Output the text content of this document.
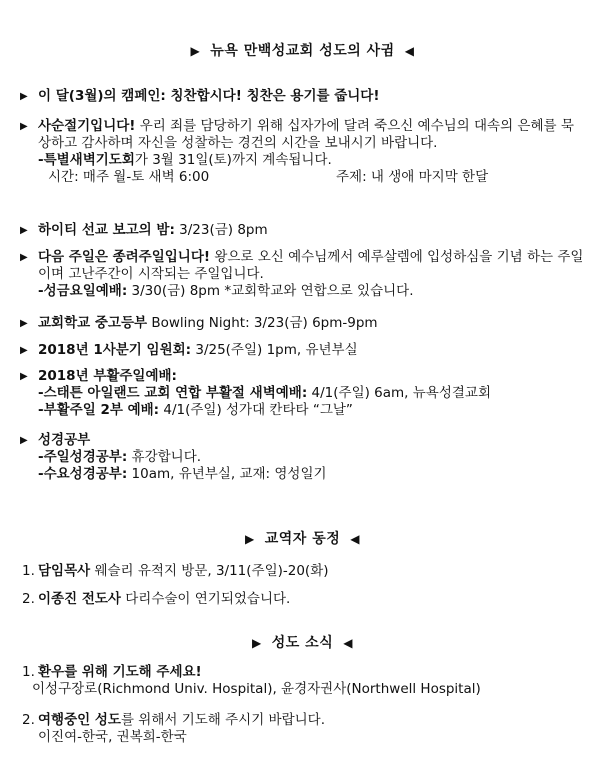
▶ 뉴욕 만백성교회 성도의 사귐 ◀
▶ 이 달(3월)의 캠페인: 칭찬합시다! 칭찬은 용기를 줍니다!
▶ 사순절기입니다! 우리 죄를 담당하기 위해 십자가에 달려 죽으신 예수님의 대속의 은혜를 묵상하고 감사하며 자신을 성찰하는 경건의 시간을 보내시기 바랍니다.
-특별새벽기도회가 3월 31일(토)까지 계속됩니다.
시간: 매주 월-토 새벽 6:00	주제: 내 생애 마지막 한달
▶ 하이티 선교 보고의 밤: 3/23(금) 8pm
▶ 다음 주일은 종려주일입니다! 왕으로 오신 예수님께서 예루살렘에 입성하심을 기념 하는 주일이며 고난주간이 시작되는 주일입니다.
-성금요일예배: 3/30(금) 8pm *교회학교와 연합으로 있습니다.
▶ 교회학교 중고등부 Bowling Night: 3/23(금) 6pm-9pm
▶ 2018년 1사분기 임원회: 3/25(주일) 1pm, 유년부실
▶ 2018년 부활주일예배:
-스태튼 아일랜드 교회 연합 부활절 새벽예배: 4/1(주일) 6am, 뉴욕성결교회
-부활주일 2부 예배: 4/1(주일) 성가대 칸타타 “그날”
▶ 성경공부
-주일성경공부: 휴강합니다.
-수요성경공부: 10am, 유년부실, 교재: 영성일기
▶ 교역자 동정 ◀
1. 담임목사 웨슬리 유적지 방문, 3/11(주일)-20(화)
2. 이종진 전도사 다리수술이 연기되었습니다.
▶ 성도 소식 ◀
1. 환우를 위해 기도해 주세요!
이성구장로(Richmond Univ. Hospital), 윤경자권사(Northwell Hospital)
2. 여행중인 성도를 위해서 기도해 주시기 바랍니다.
이진여-한국, 권복희-한국
